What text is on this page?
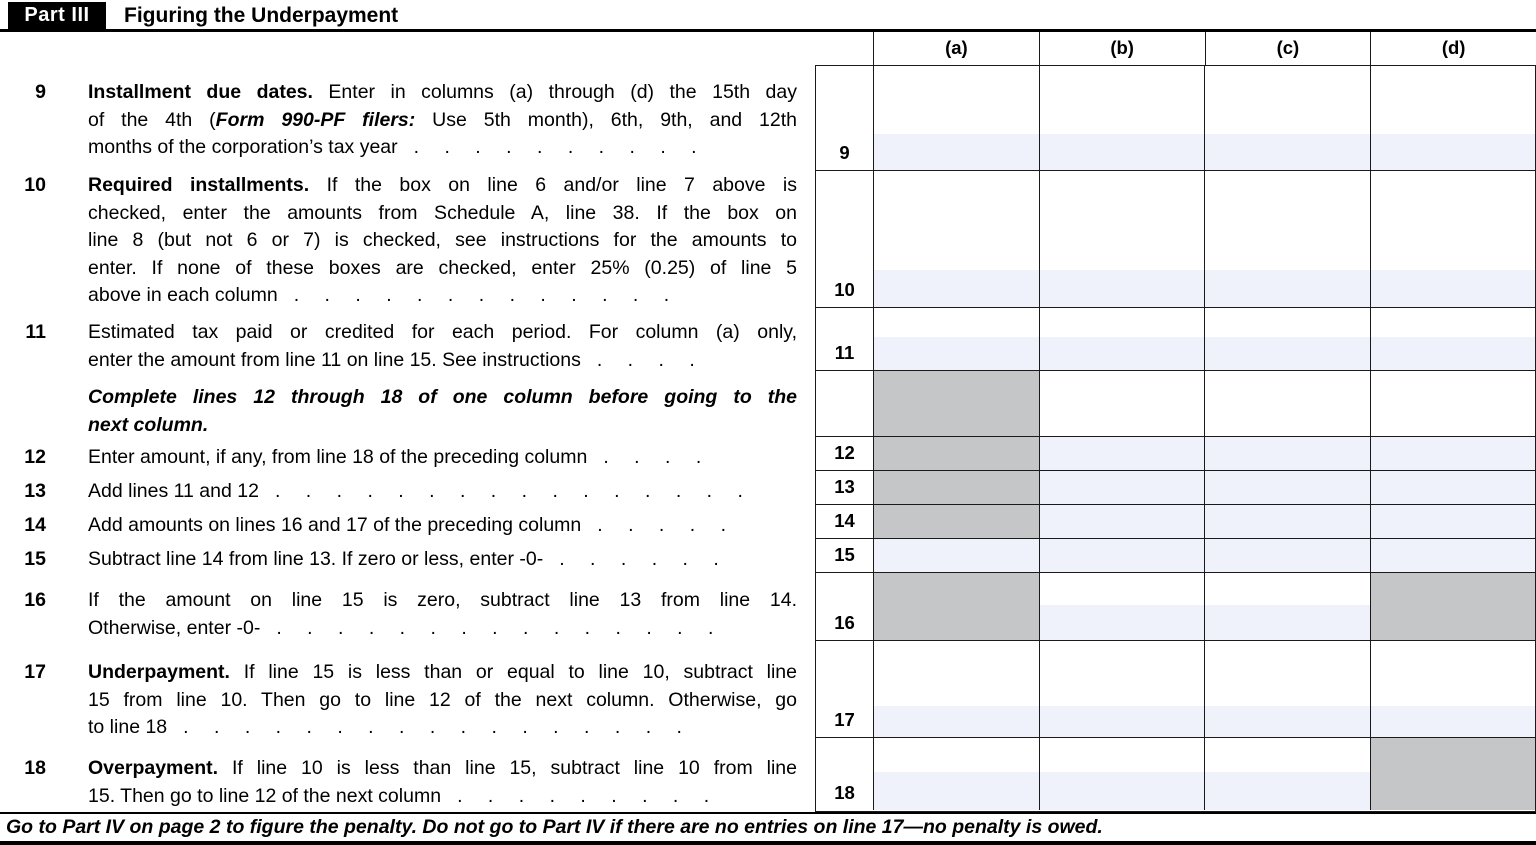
Part III	Figuring the Underpayment
(a)	(b)	(c)	(d)
9 Installment due dates. Enter in columns (a) through (d) the 15th day
of the 4th (Form 990-PF filers: Use 5th month), 6th, 9th, and 12th
months of the corporation’s tax year . . . . . . . . . .
10 Required installments. If the box on line 6 and/or line 7 above is
checked, enter the amounts from Schedule A, line 38. If the box on
line 8 (but not 6 or 7) is checked, see instructions for the amounts to
enter. If none of these boxes are checked, enter 25% (0.25) of line 5
above in each column . . . . . . . . . . . . .
11 Estimated tax paid or credited for each period. For column (a) only,
enter the amount from line 11 on line 15. See instructions . . . .
Complete lines 12 through 18 of one column before going to the
next column.
12 Enter amount, if any, from line 18 of the preceding column . . . .
13 Add lines 11 and 12 . . . . . . . . . . . . . . . .
14 Add amounts on lines 16 and 17 of the preceding column . . . . .
15 Subtract line 14 from line 13. If zero or less, enter -0- . . . . . .
16 If the amount on line 15 is zero, subtract line 13 from line 14.
Otherwise, enter -0- . . . . . . . . . . . . . . .
17 Underpayment. If line 15 is less than or equal to line 10, subtract line
15 from line 10. Then go to line 12 of the next column. Otherwise, go
to line 18 . . . . . . . . . . . . . . . . .
18 Overpayment. If line 10 is less than line 15, subtract line 10 from line
15. Then go to line 12 of the next column . . . . . . . . .
9
10
11
12
13
14
15
16
17
18
Go to Part IV on page 2 to figure the penalty. Do not go to Part IV if there are no entries on line 17—no penalty is owed.
